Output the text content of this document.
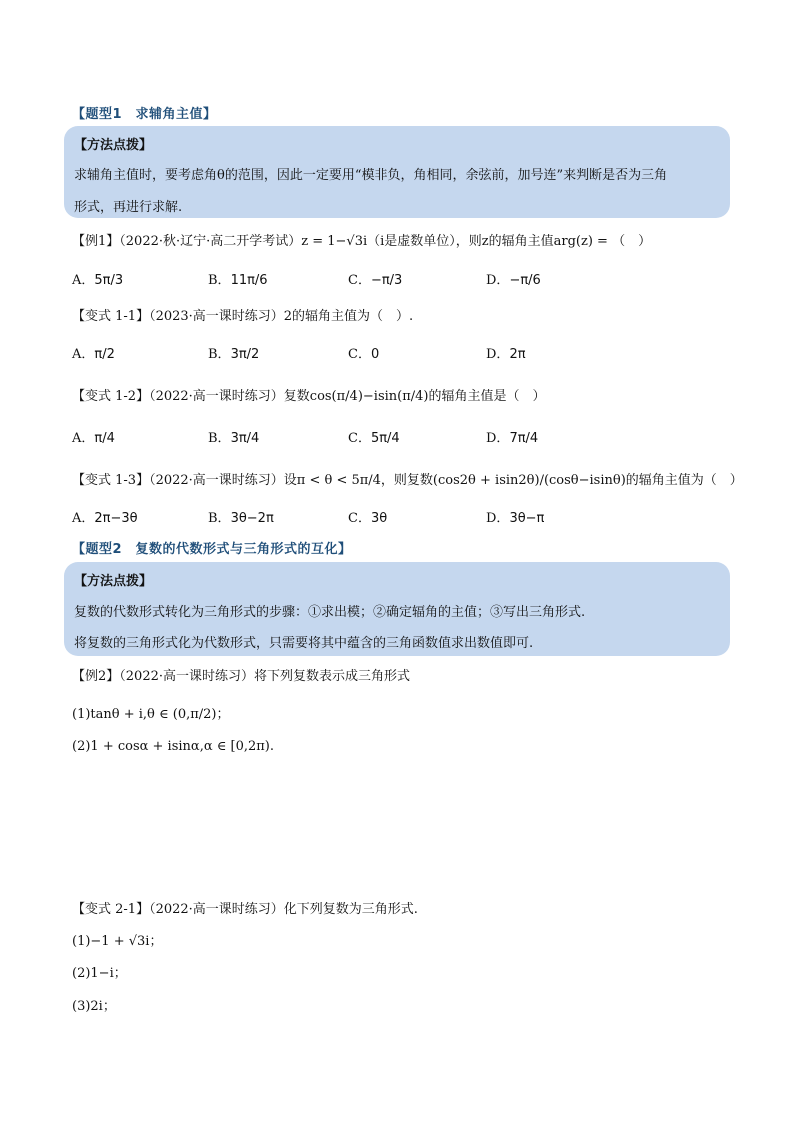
【题型1　求辅角主值】
【方法点拨】
求辅角主值时，要考虑角θ的范围，因此一定要用“模非负，角相同，余弦前，加号连”来判断是否为三角
形式，再进行求解.
【例1】（2022·秋·辽宁·高二开学考试）z = 1−√3i（i是虚数单位），则z的辐角主值arg(z) = （　）
A．5π/3	B．11π/6	C．−π/3	D．−π/6
【变式 1-1】（2023·高一课时练习）2的辐角主值为（　）.
A．π/2	B．3π/2	C．0	D．2π
【变式 1-2】（2022·高一课时练习）复数cos(π/4)−isin(π/4)的辐角主值是（　）
A．π/4	B．3π/4	C．5π/4	D．7π/4
【变式 1-3】（2022·高一课时练习）设π < θ < 5π/4，则复数(cos2θ + isin2θ)/(cosθ−isinθ)的辐角主值为（　）
A．2π−3θ	B．3θ−2π	C．3θ	D．3θ−π
【题型2　复数的代数形式与三角形式的互化】
【方法点拨】
复数的代数形式转化为三角形式的步骤：①求出模；②确定辐角的主值；③写出三角形式.
将复数的三角形式化为代数形式，只需要将其中蕴含的三角函数值求出数值即可.
【例2】（2022·高一课时练习）将下列复数表示成三角形式
(1)tanθ + i,θ ∈ (0,π/2)；
(2)1 + cosα + isinα,α ∈ [0,2π).
【变式 2-1】（2022·高一课时练习）化下列复数为三角形式.
(1)−1 + √3i；
(2)1−i；
(3)2i；
